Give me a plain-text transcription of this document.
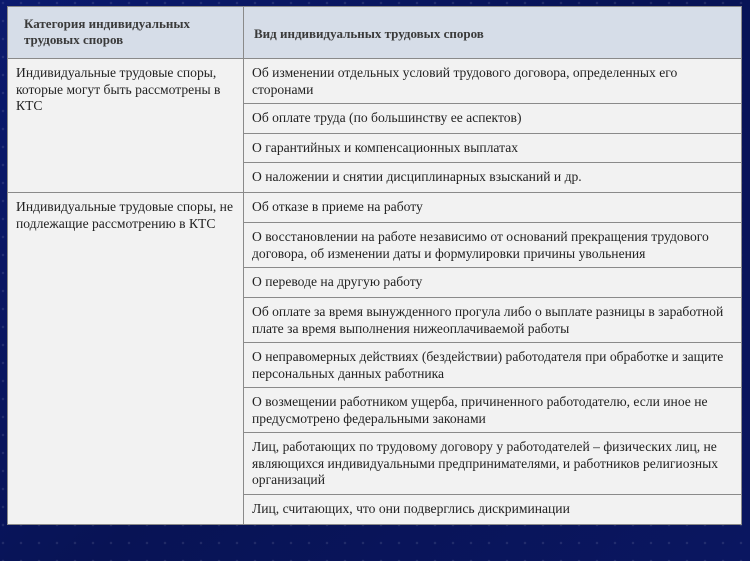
Категория индивидуальных трудовых споров	Вид индивидуальных трудовых споров
Индивидуальные трудовые споры, которые могут быть рассмотрены в КТС	Об изменении отдельных условий трудового договора, определенных его сторонами
	Об оплате труда (по большинству ее аспектов)
	О гарантийных и компенсационных выплатах
	О наложении и снятии дисциплинарных взысканий и др.
Индивидуальные трудовые споры, не подлежащие рассмотрению в КТС	Об отказе в приеме на работу
	О восстановлении на работе независимо от оснований прекращения трудового договора, об изменении даты и формулировки причины увольнения
	О переводе на другую работу
	Об оплате за время вынужденного прогула либо о выплате разницы в заработной плате за время выполнения нижеоплачиваемой работы
	О неправомерных действиях (бездействии) работодателя при обработке и защите персональных данных работника
	О возмещении работником ущерба, причиненного работодателю, если иное не предусмотрено федеральными законами
	Лиц, работающих по трудовому договору у работодателей – физических лиц, не являющихся индивидуальными предпринимателями, и работников религиозных организаций
	Лиц, считающих, что они подверглись дискриминации
